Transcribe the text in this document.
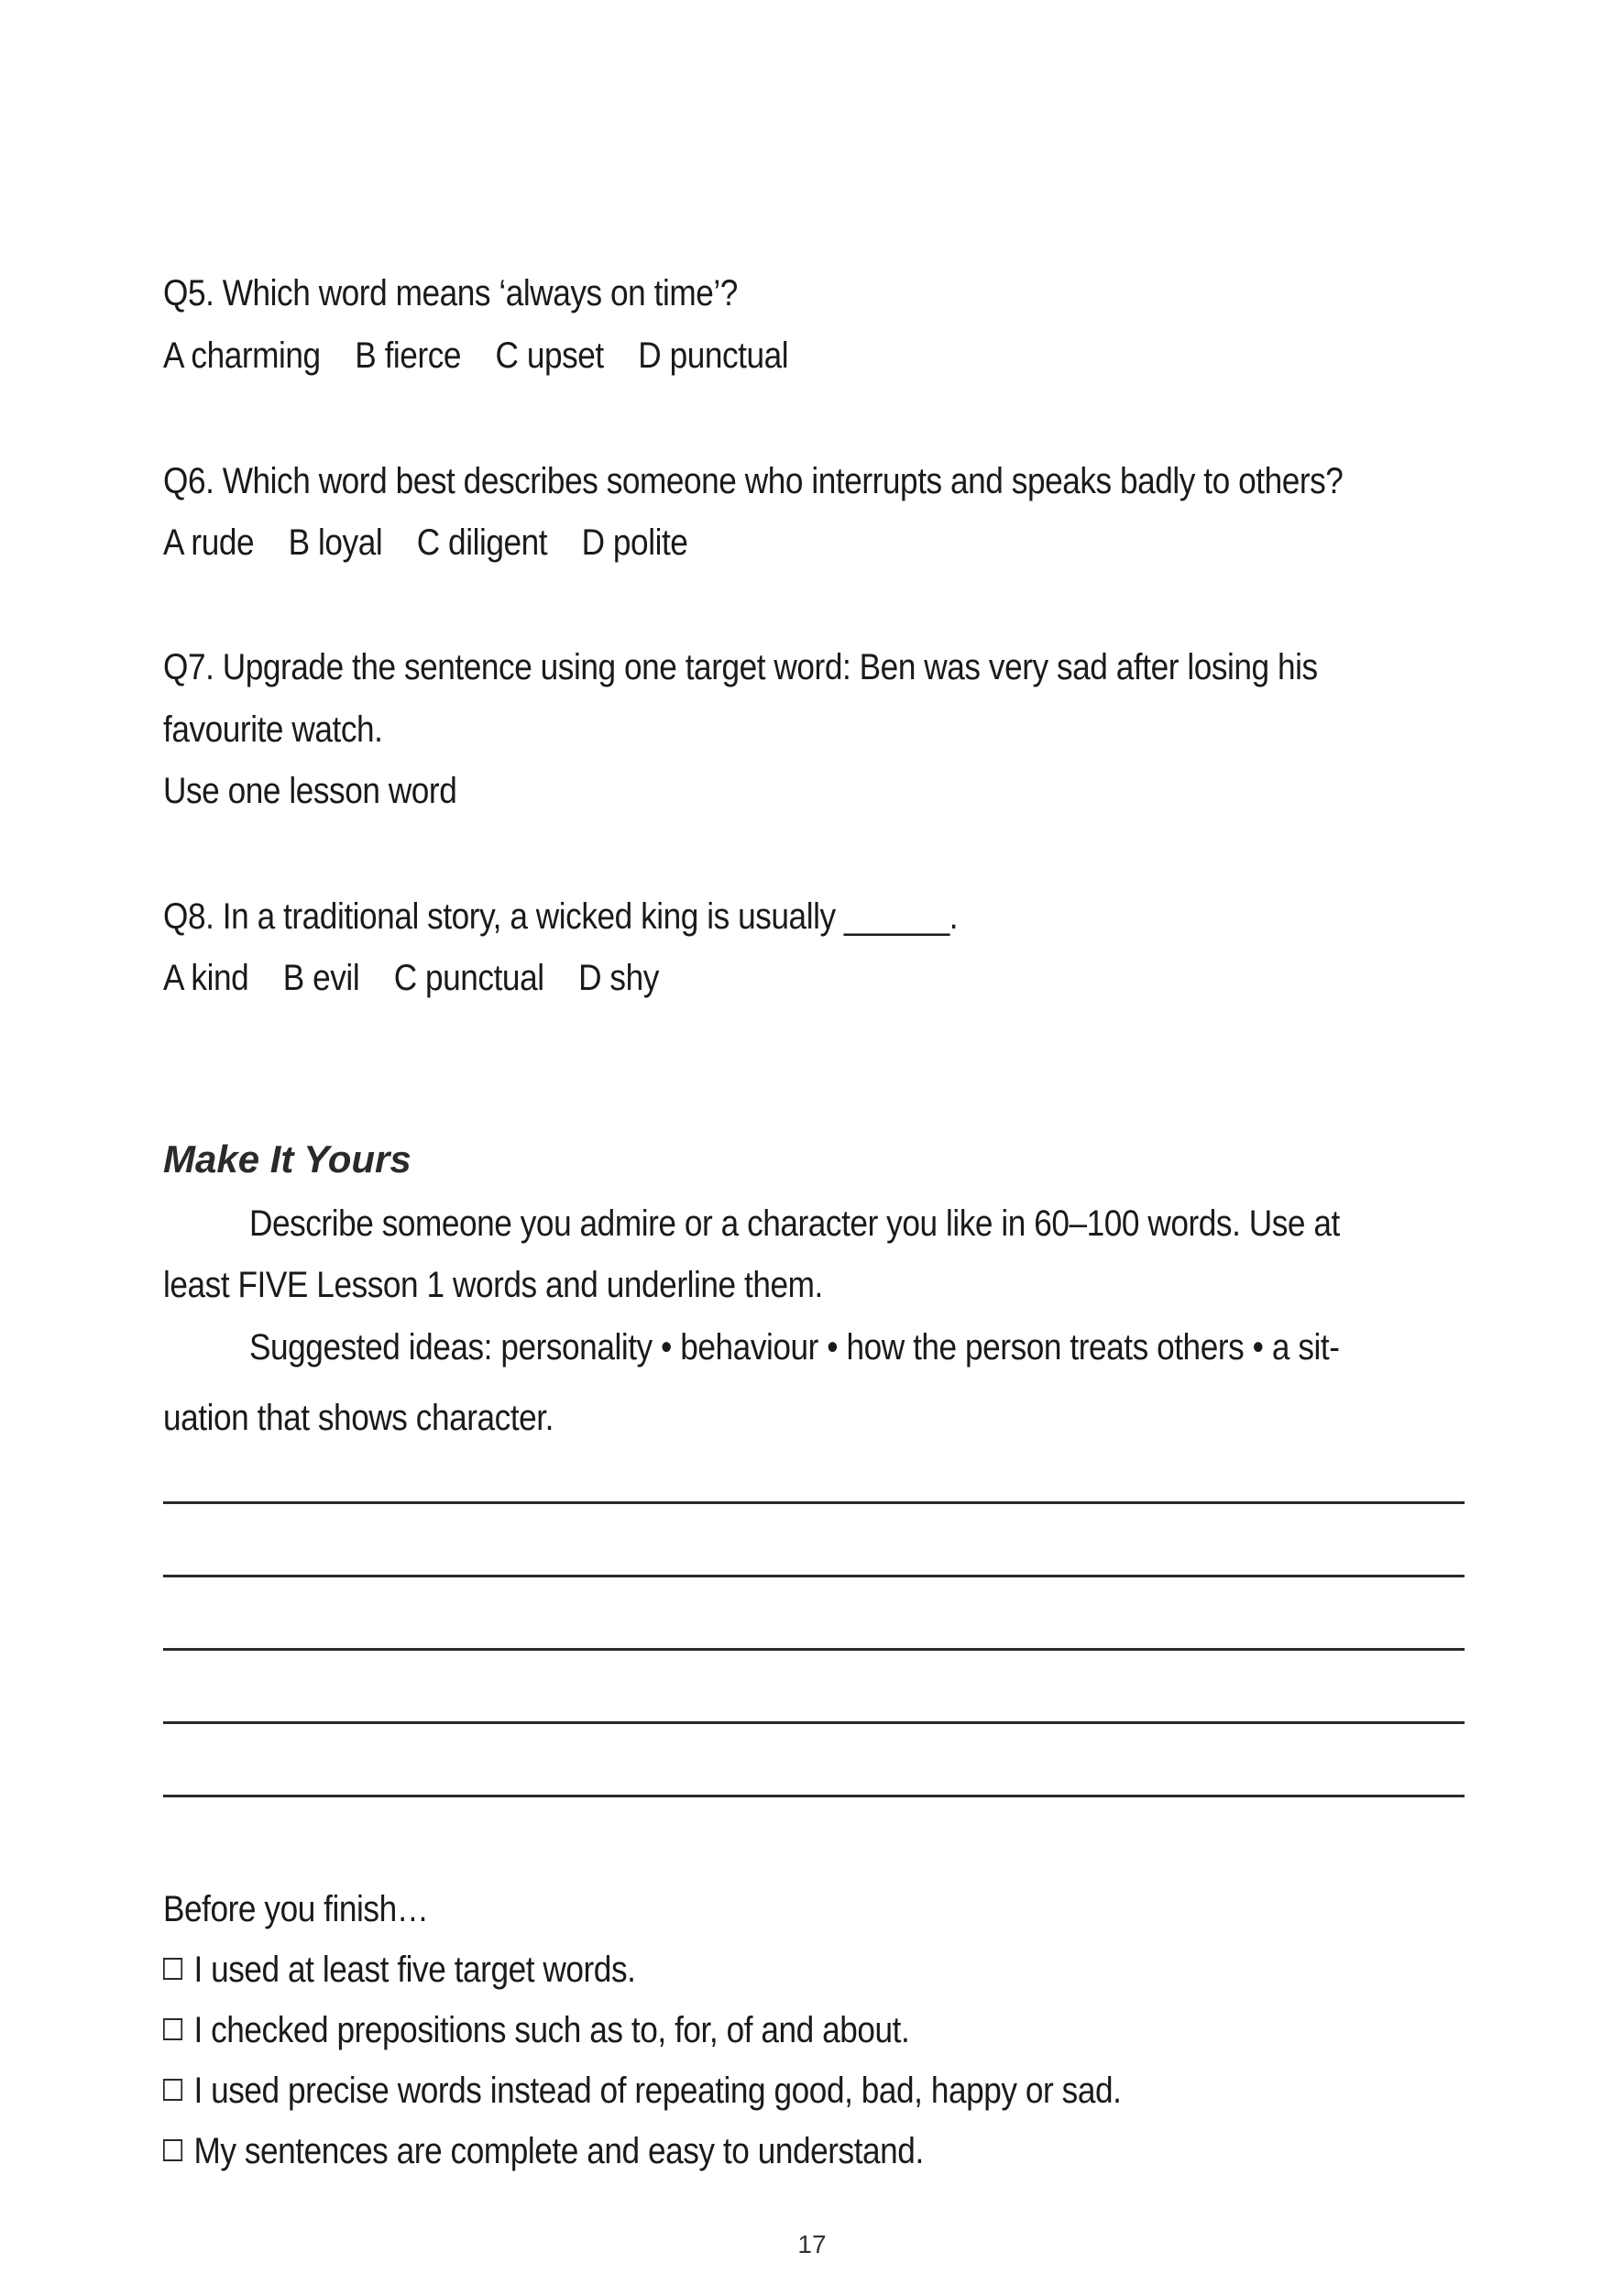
Q5. Which word means ‘always on time’?
A charming B fierce C upset D punctual
Q6. Which word best describes someone who interrupts and speaks badly to others?
A rude B loyal C diligent D polite
Q7. Upgrade the sentence using one target word: Ben was very sad after losing his
favourite watch.
Use one lesson word
Q8. In a traditional story, a wicked king is usually ______.
A kind B evil C punctual D shy
Make It Yours
Describe someone you admire or a character you like in 60–100 words. Use at
least FIVE Lesson 1 words and underline them.
Suggested ideas: personality • behaviour • how the person treats others • a sit-
uation that shows character.
Before you finish…
I used at least five target words.
I checked prepositions such as to, for, of and about.
I used precise words instead of repeating good, bad, happy or sad.
My sentences are complete and easy to understand.
17
